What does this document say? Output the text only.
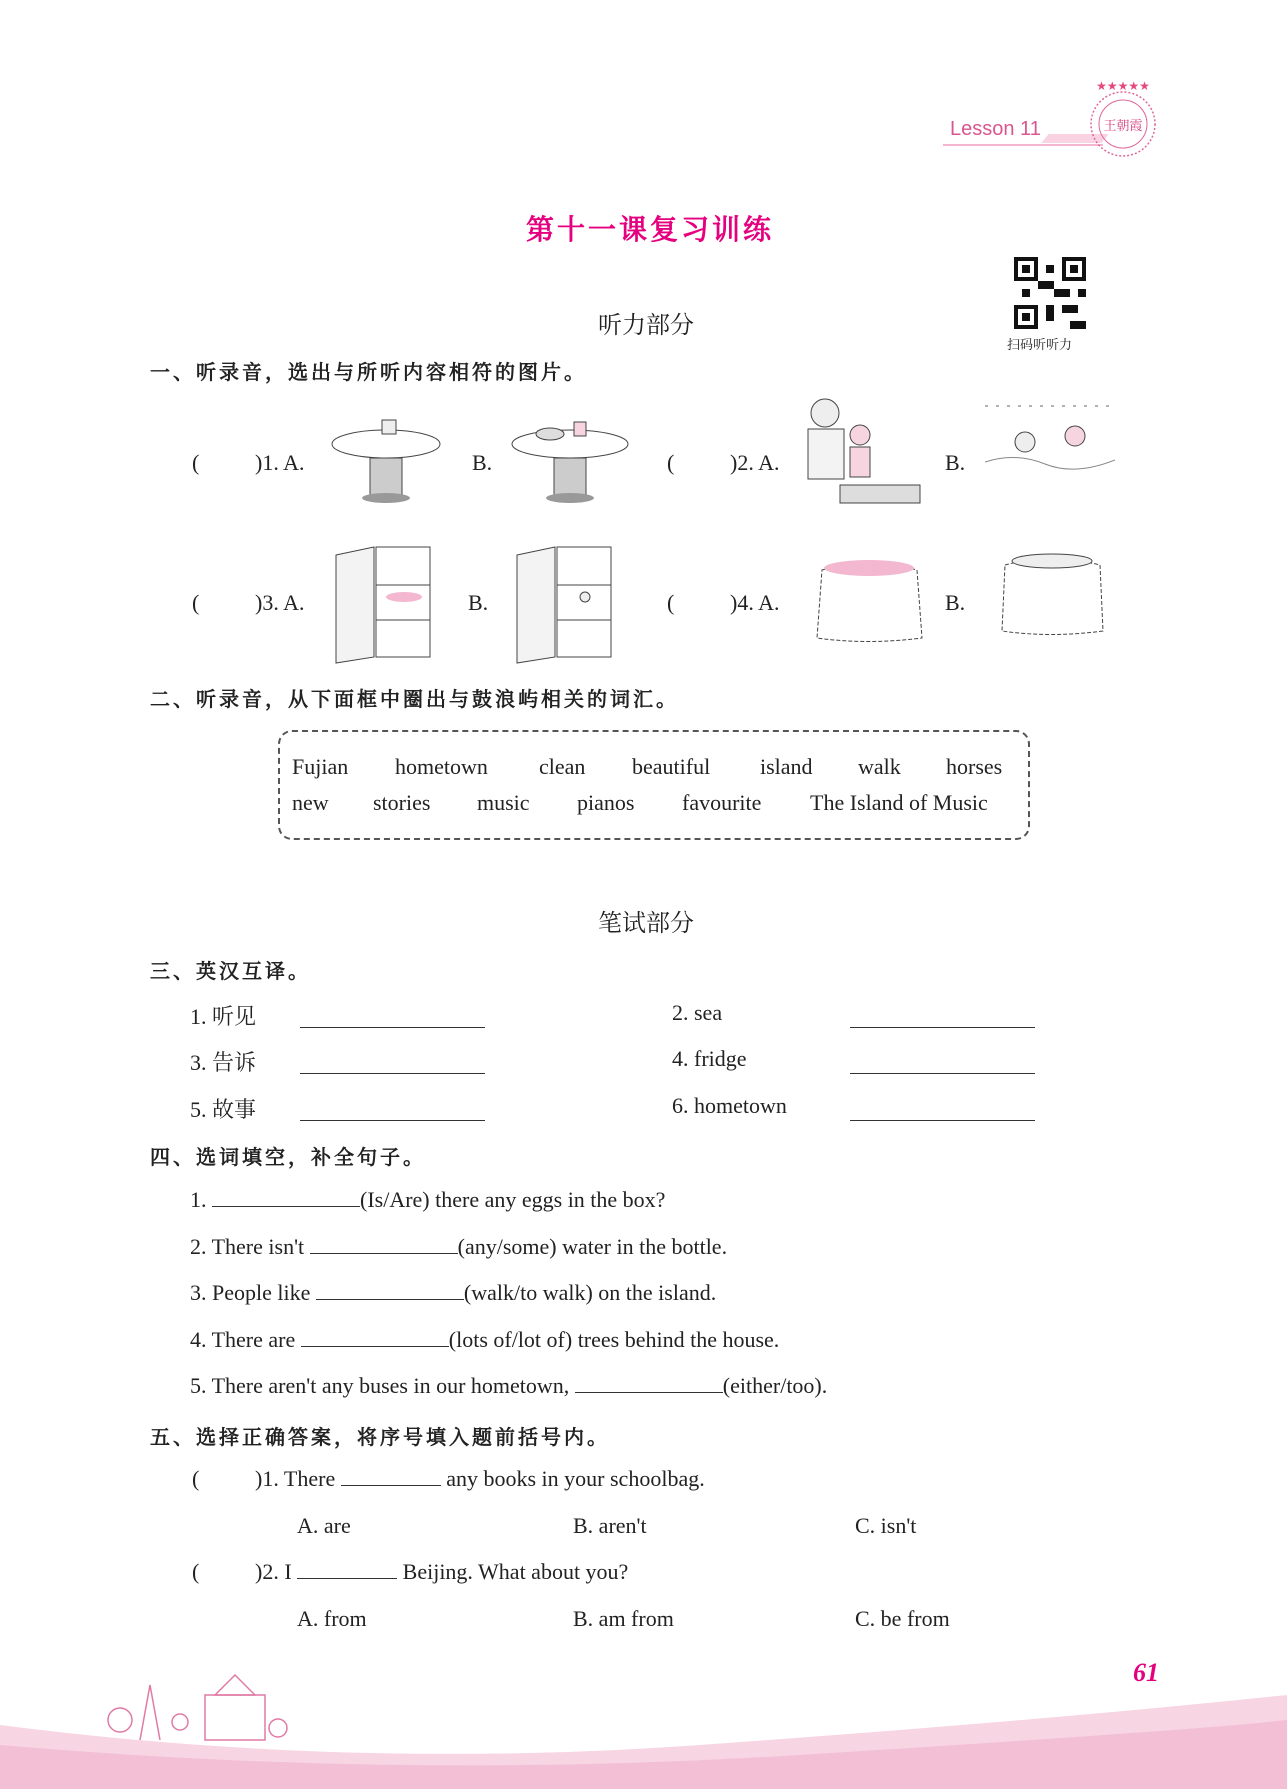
Lesson 11
★★★★★
王朝霞
第十一课复习训练
扫码听听力
听力部分
一、听录音，选出与所听内容相符的图片。
(	)1. A.	B.	(	)2. A.	B.
(	)3. A.	B.	(	)4. A.	B.
二、听录音，从下面框中圈出与鼓浪屿相关的词汇。
Fujian hometown clean beautiful island walk horses
new stories music pianos favourite The Island of Music
笔试部分
三、英汉互译。
1. 听见	2. sea
3. 告诉	4. fridge
5. 故事	6. hometown
四、选词填空，补全句子。
1.	(Is/Are) there any eggs in the box?
2. There isn't	(any/some) water in the bottle.
3. People like	(walk/to walk) on the island.
4. There are	(lots of/lot of) trees behind the house.
5. There aren't any buses in our hometown,	(either/too).
五、选择正确答案，将序号填入题前括号内。
(	)1. There	any books in your schoolbag.
A. are	B. aren't	C. isn't
(	)2. I	Beijing. What about you?
A. from	B. am from	C. be from
61
